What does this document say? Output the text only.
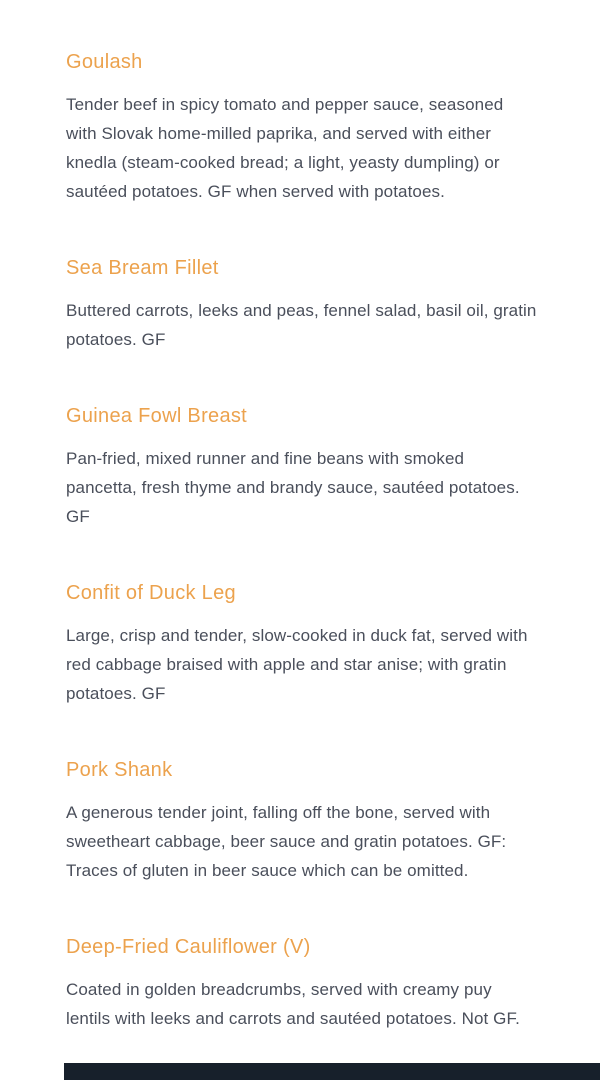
Goulash

Tender beef in spicy tomato and pepper sauce, seasoned with Slovak home-milled paprika, and served with either knedla (steam-cooked bread; a light, yeasty dumpling) or sautéed potatoes. GF when served with potatoes.

Sea Bream Fillet

Buttered carrots, leeks and peas, fennel salad, basil oil, gratin potatoes. GF

Guinea Fowl Breast

Pan-fried, mixed runner and fine beans with smoked pancetta, fresh thyme and brandy sauce, sautéed potatoes. GF

Confit of Duck Leg

Large, crisp and tender, slow-cooked in duck fat, served with red cabbage braised with apple and star anise; with gratin potatoes. GF

Pork Shank

A generous tender joint, falling off the bone, served with sweetheart cabbage, beer sauce and gratin potatoes. GF: Traces of gluten in beer sauce which can be omitted.

Deep-Fried Cauliflower (V)

Coated in golden breadcrumbs, served with creamy puy lentils with leeks and carrots and sautéed potatoes. Not GF.
